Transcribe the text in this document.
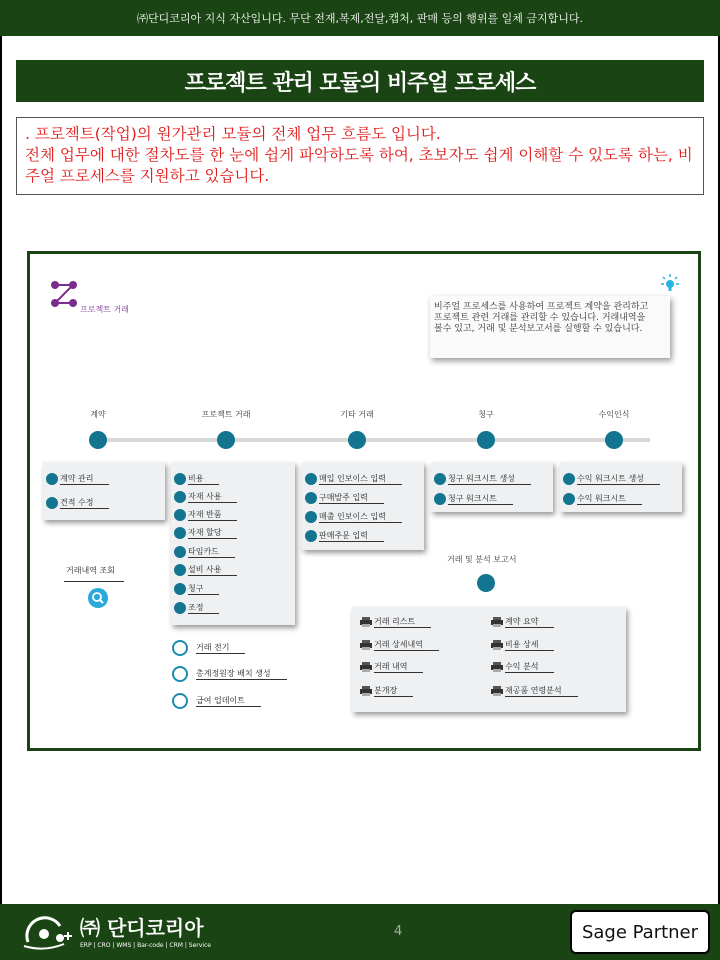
㈜단디코리아 지식 자산입니다. 무단 전재,복제,전달,캡처, 판매 등의 행위를 일체 금지합니다.
프로젝트 관리 모듈의 비주얼 프로세스
. 프로젝트(작업)의 원가관리 모듈의 전체 업무 흐름도 입니다.
전체 업무에 대한 절차도를 한 눈에 쉽게 파악하도록 하여, 초보자도 쉽게 이해할 수 있도록 하는, 비주얼 프로세스를 지원하고 있습니다.
프로젝트 거래	비주얼 프로세스를 사용하여 프로젝트 계약을 관리하고
프로젝트 관련 거래를 관리할 수 있습니다. 거래내역을
볼수 있고, 거래 및 분석보고서를 실행할 수 있습니다.
계약	프로젝트 거래	기타 거래	청구	수익인식
계약 관리
견적 수정
비용
자재 사용
자재 반품
자재 할당
타임카드
설비 사용
청구
조정
매입 인보이스 입력
구매발주 입력
매출 인보이스 입력
판매주문 입력
청구 워크시트 생성
청구 워크시트
수익 워크시트 생성
수익 워크시트
거래내역 조회
거래 전기
총계정원장 배치 생성
급여 업데이트
거래 및 분석 보고서
거래 리스트
거래 상세내역
거래 내역
분개장
계약 요약
비용 상세
수익 분석
재공품 연령분석
㈜ 단디코리아
ERP | CRO | WMS | Bar-code | CRM | Service
4	Sage Partner
